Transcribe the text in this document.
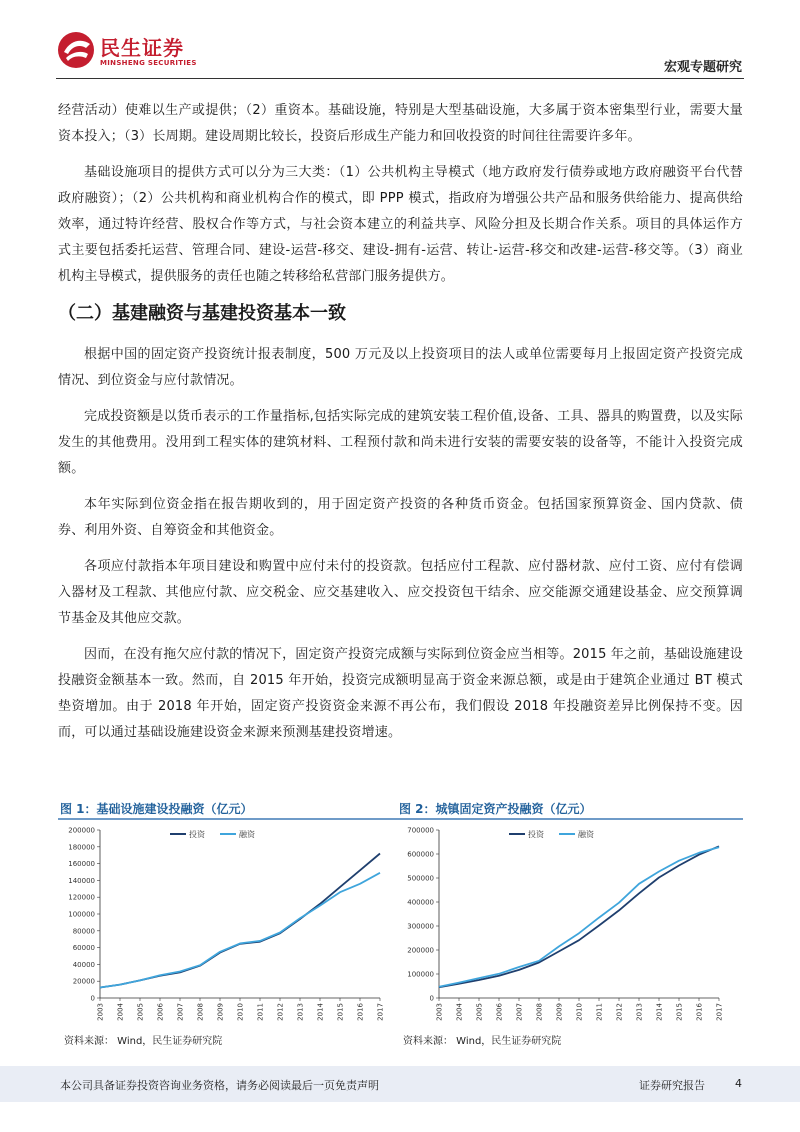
民生证券
MINSHENG SECURITIES	宏观专题研究

经营活动）使难以生产或提供；（2）重资本。基础设施，特别是大型基础设施，大多属于资本密集型行业，需要大量资本投入；（3）长周期。建设周期比较长，投资后形成生产能力和回收投资的时间往往需要许多年。

基础设施项目的提供方式可以分为三大类：（1）公共机构主导模式（地方政府发行债券或地方政府融资平台代替政府融资）；（2）公共机构和商业机构合作的模式，即 PPP 模式，指政府为增强公共产品和服务供给能力、提高供给效率，通过特许经营、股权合作等方式，与社会资本建立的利益共享、风险分担及长期合作关系。项目的具体运作方式主要包括委托运营、管理合同、建设-运营-移交、建设-拥有-运营、转让-运营-移交和改建-运营-移交等。（3）商业机构主导模式，提供服务的责任也随之转移给私营部门服务提供方。

（二）基建融资与基建投资基本一致

根据中国的固定资产投资统计报表制度，500 万元及以上投资项目的法人或单位需要每月上报固定资产投资完成情况、到位资金与应付款情况。

完成投资额是以货币表示的工作量指标,包括实际完成的建筑安装工程价值,设备、工具、器具的购置费，以及实际发生的其他费用。没用到工程实体的建筑材料、工程预付款和尚未进行安装的需要安装的设备等，不能计入投资完成额。

本年实际到位资金指在报告期收到的，用于固定资产投资的各种货币资金。包括国家预算资金、国内贷款、债券、利用外资、自筹资金和其他资金。

各项应付款指本年项目建设和购置中应付未付的投资款。包括应付工程款、应付器材款、应付工资、应付有偿调入器材及工程款、其他应付款、应交税金、应交基建收入、应交投资包干结余、应交能源交通建设基金、应交预算调节基金及其他应交款。

因而，在没有拖欠应付款的情况下，固定资产投资完成额与实际到位资金应当相等。2015 年之前，基础设施建设投融资金额基本一致。然而，自 2015 年开始，投资完成额明显高于资金来源总额，或是由于建筑企业通过 BT 模式垫资增加。由于 2018 年开始，固定资产投资资金来源不再公布，我们假设 2018 年投融资差异比例保持不变。因而，可以通过基础设施建设资金来源来预测基建投资增速。

图 1：基础设施建设投融资（亿元）
0
20000
40000
60000
80000
100000
120000
140000
160000
180000
200000
2003 2004 2005 2006 2007 2008 2009 2010 2011 2012 2013 2014 2015 2016 2017
投资	融资
资料来源： Wind，民生证券研究院
图 2：城镇固定资产投融资（亿元）
0
100000
200000
300000
400000
500000
600000
700000
2003 2004 2005 2006 2007 2008 2009 2010 2011 2012 2013 2014 2015 2016 2017
投资	融资
资料来源： Wind，民生证券研究院
本公司具备证券投资咨询业务资格，请务必阅读最后一页免责声明	证券研究报告	4
